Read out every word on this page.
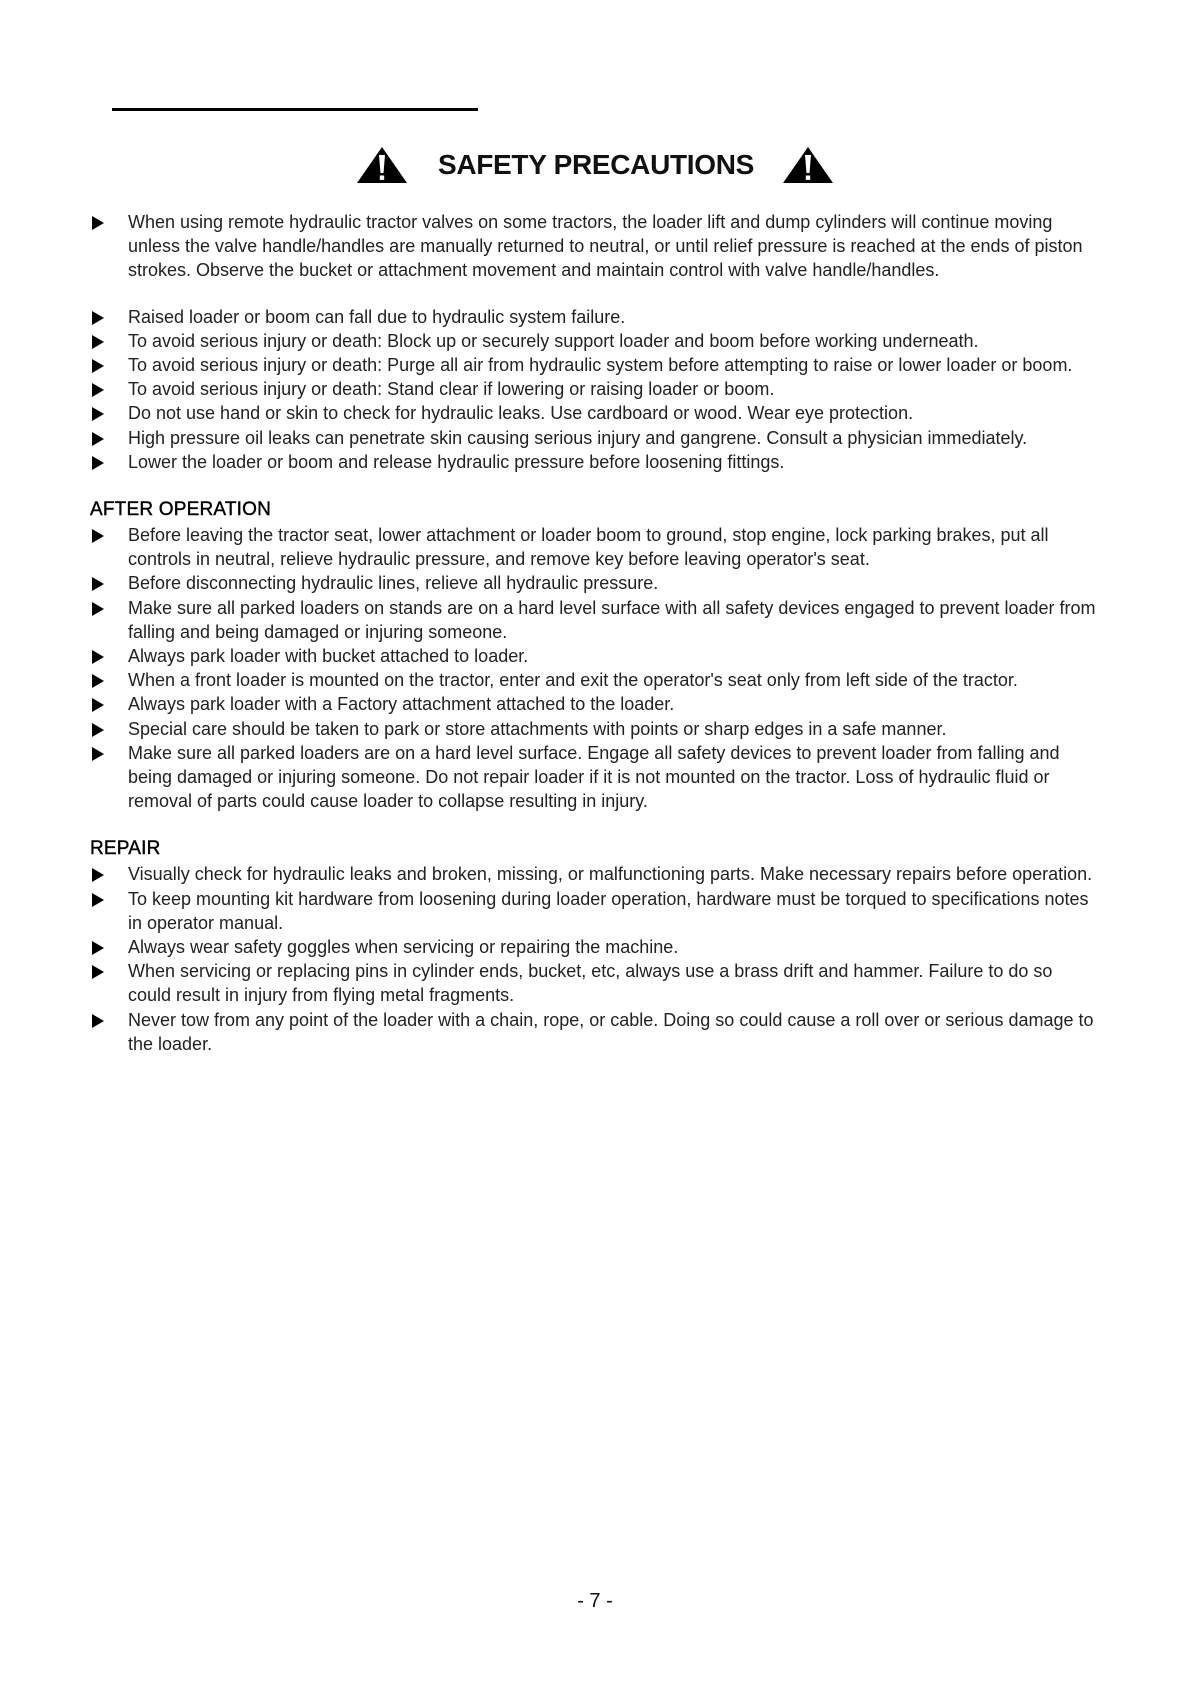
SAFETY PRECAUTIONS
When using remote hydraulic tractor valves on some tractors, the loader lift and dump cylinders will continue moving unless the valve handle/handles are manually returned to neutral, or until relief pressure is reached at the ends of piston strokes. Observe the bucket or attachment movement and maintain control with valve handle/handles.
Raised loader or boom can fall due to hydraulic system failure.
To avoid serious injury or death: Block up or securely support loader and boom before working underneath.
To avoid serious injury or death: Purge all air from hydraulic system before attempting to raise or lower loader or boom.
To avoid serious injury or death: Stand clear if lowering or raising loader or boom.
Do not use hand or skin to check for hydraulic leaks. Use cardboard or wood. Wear eye protection.
High pressure oil leaks can penetrate skin causing serious injury and gangrene. Consult a physician immediately.
Lower the loader or boom and release hydraulic pressure before loosening fittings.
AFTER OPERATION
Before leaving the tractor seat, lower attachment or loader boom to ground, stop engine, lock parking brakes, put all controls in neutral, relieve hydraulic pressure, and remove key before leaving operator's seat.
Before disconnecting hydraulic lines, relieve all hydraulic pressure.
Make sure all parked loaders on stands are on a hard level surface with all safety devices engaged to prevent loader from falling and being damaged or injuring someone.
Always park loader with bucket attached to loader.
When a front loader is mounted on the tractor, enter and exit the operator's seat only from left side of the tractor.
Always park loader with a Factory attachment attached to the loader.
Special care should be taken to park or store attachments with points or sharp edges in a safe manner.
Make sure all parked loaders are on a hard level surface. Engage all safety devices to prevent loader from falling and being damaged or injuring someone. Do not repair loader if it is not mounted on the tractor. Loss of hydraulic fluid or removal of parts could cause loader to collapse resulting in injury.
REPAIR
Visually check for hydraulic leaks and broken, missing, or malfunctioning parts. Make necessary repairs before operation.
To keep mounting kit hardware from loosening during loader operation, hardware must be torqued to specifications notes in operator manual.
Always wear safety goggles when servicing or repairing the machine.
When servicing or replacing pins in cylinder ends, bucket, etc, always use a brass drift and hammer. Failure to do so could result in injury from flying metal fragments.
Never tow from any point of the loader with a chain, rope, or cable. Doing so could cause a roll over or serious damage to the loader.
- 7 -
